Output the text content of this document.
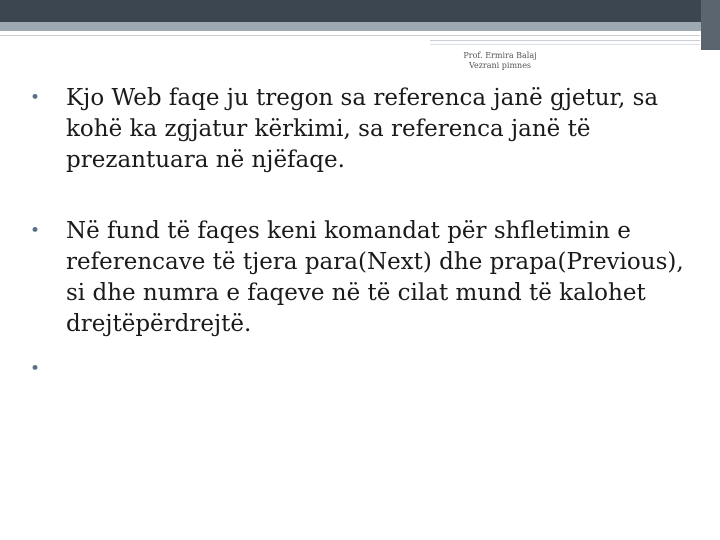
Prof. Ermira Balaj
Vezrani pimnes
•	Kjo Web faqe ju tregon sa referenca janë gjetur, sa kohë ka zgjatur kërkimi, sa referenca janë të prezantuara në njëfaqe.
•	Në fund të faqes keni komandat për shfletimin e referencave të tjera para(Next) dhe prapa(Previous), si dhe numra e faqeve në të cilat mund të kalohet drejtëpërdrejtë.
•
